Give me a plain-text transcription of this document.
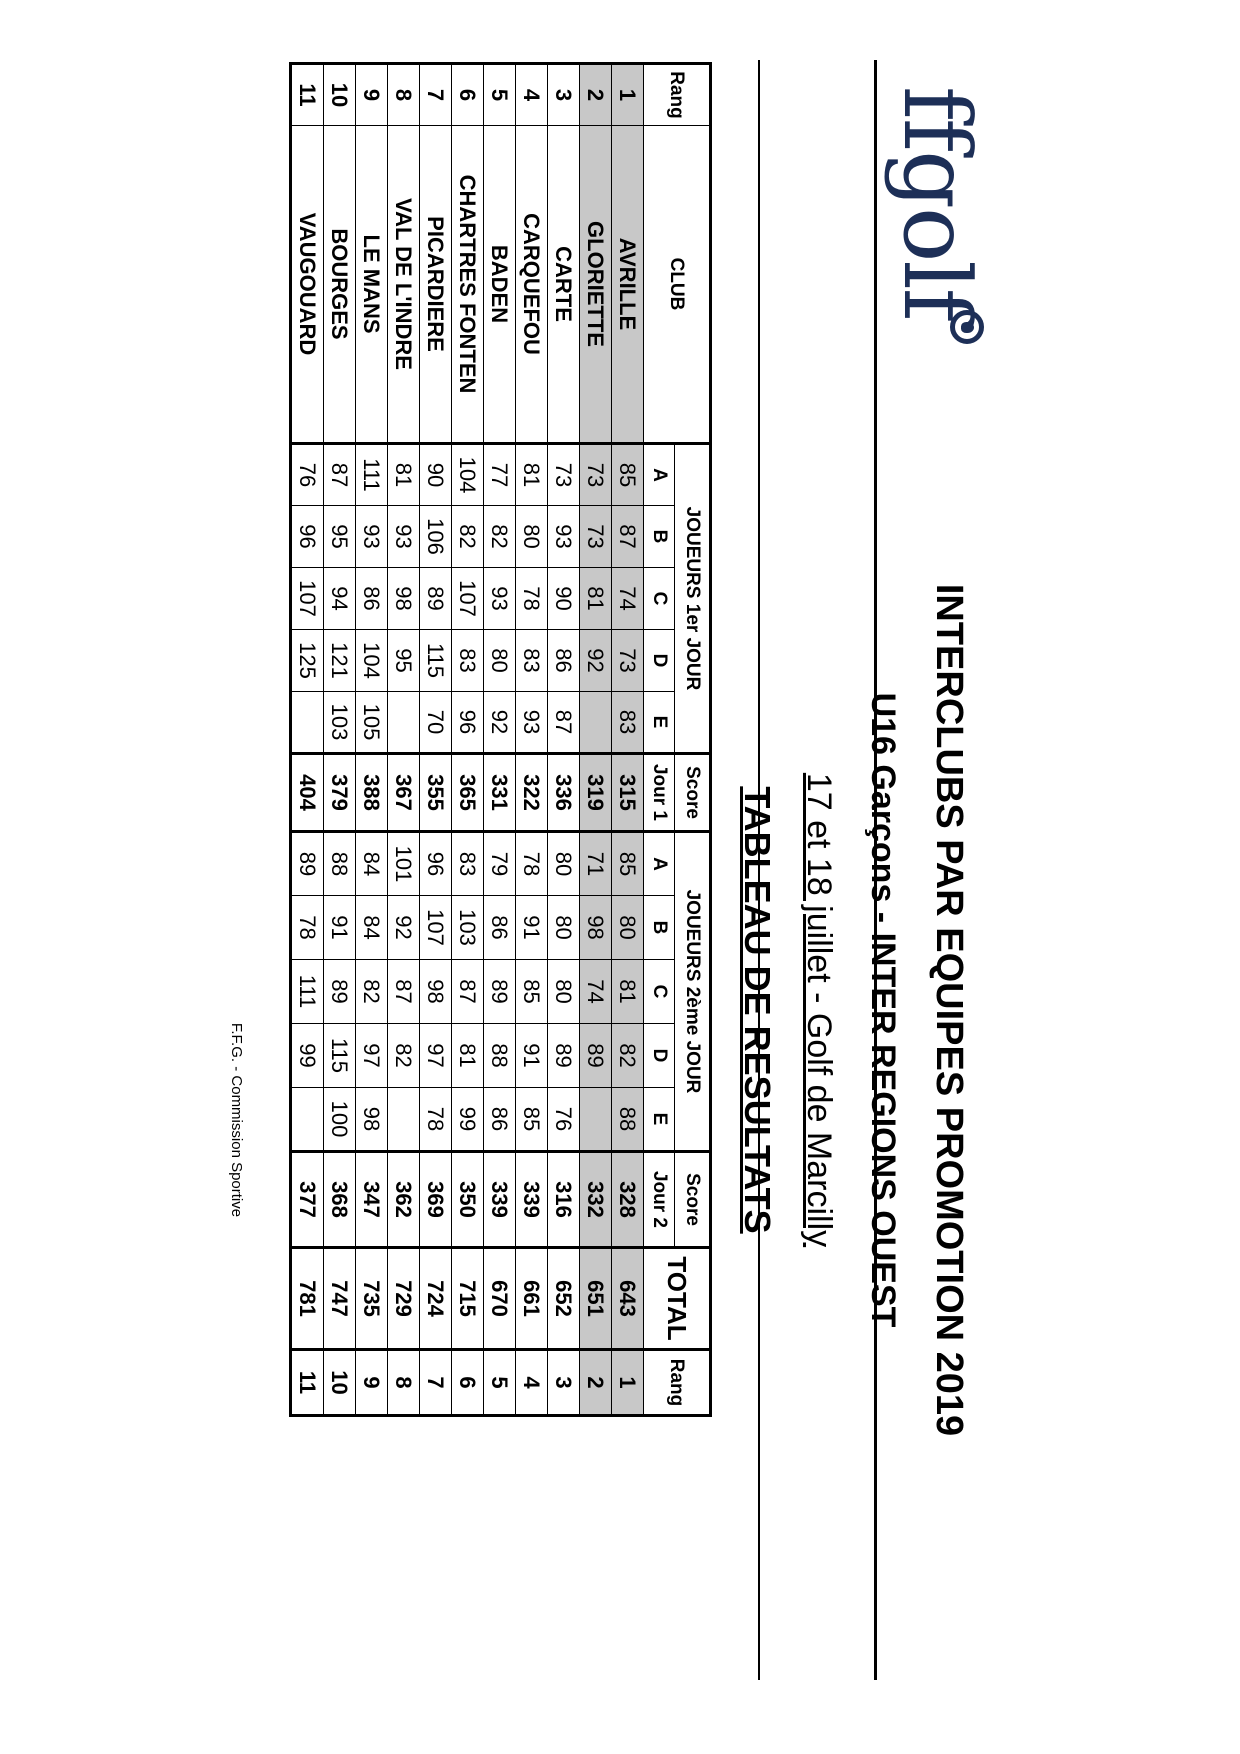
ffgolf
INTERCLUBS PAR EQUIPES PROMOTION 2019
U16 Garçons - INTER REGIONS OUEST
17 et 18 juillet - Golf de Marcilly
TABLEAU DE RESULTATS
Rang	CLUB	JOUEURS 1er JOUR					Score	JOUEURS 2ème JOUR					Score	TOTAL	Rang
		A	B	C	D	E	Jour 1	A	B	C	D	E	Jour 2		
1	AVRILLE	85	87	74	73	83	315	85	80	81	82	88	328	643	1
2	GLORIETTE	73	73	81	92		319	71	98	74	89		332	651	2
3	CARTE	73	93	90	86	87	336	80	80	80	89	76	316	652	3
4	CARQUEFOU	81	80	78	83	93	322	78	91	85	91	85	339	661	4
5	BADEN	77	82	93	80	92	331	79	86	89	88	86	339	670	5
6	CHARTRES FONTEN	104	82	107	83	96	365	83	103	87	81	99	350	715	6
7	PICARDIERE	90	106	89	115	70	355	96	107	98	97	78	369	724	7
8	VAL DE L'INDRE	81	93	98	95		367	101	92	87	82		362	729	8
9	LE MANS	111	93	86	104	105	388	84	84	82	97	98	347	735	9
10	BOURGES	87	95	94	121	103	379	88	91	89	115	100	368	747	10
11	VAUGOUARD	76	96	107	125		404	89	78	111	99		377	781	11
F.F.G. - Commission Sportive
